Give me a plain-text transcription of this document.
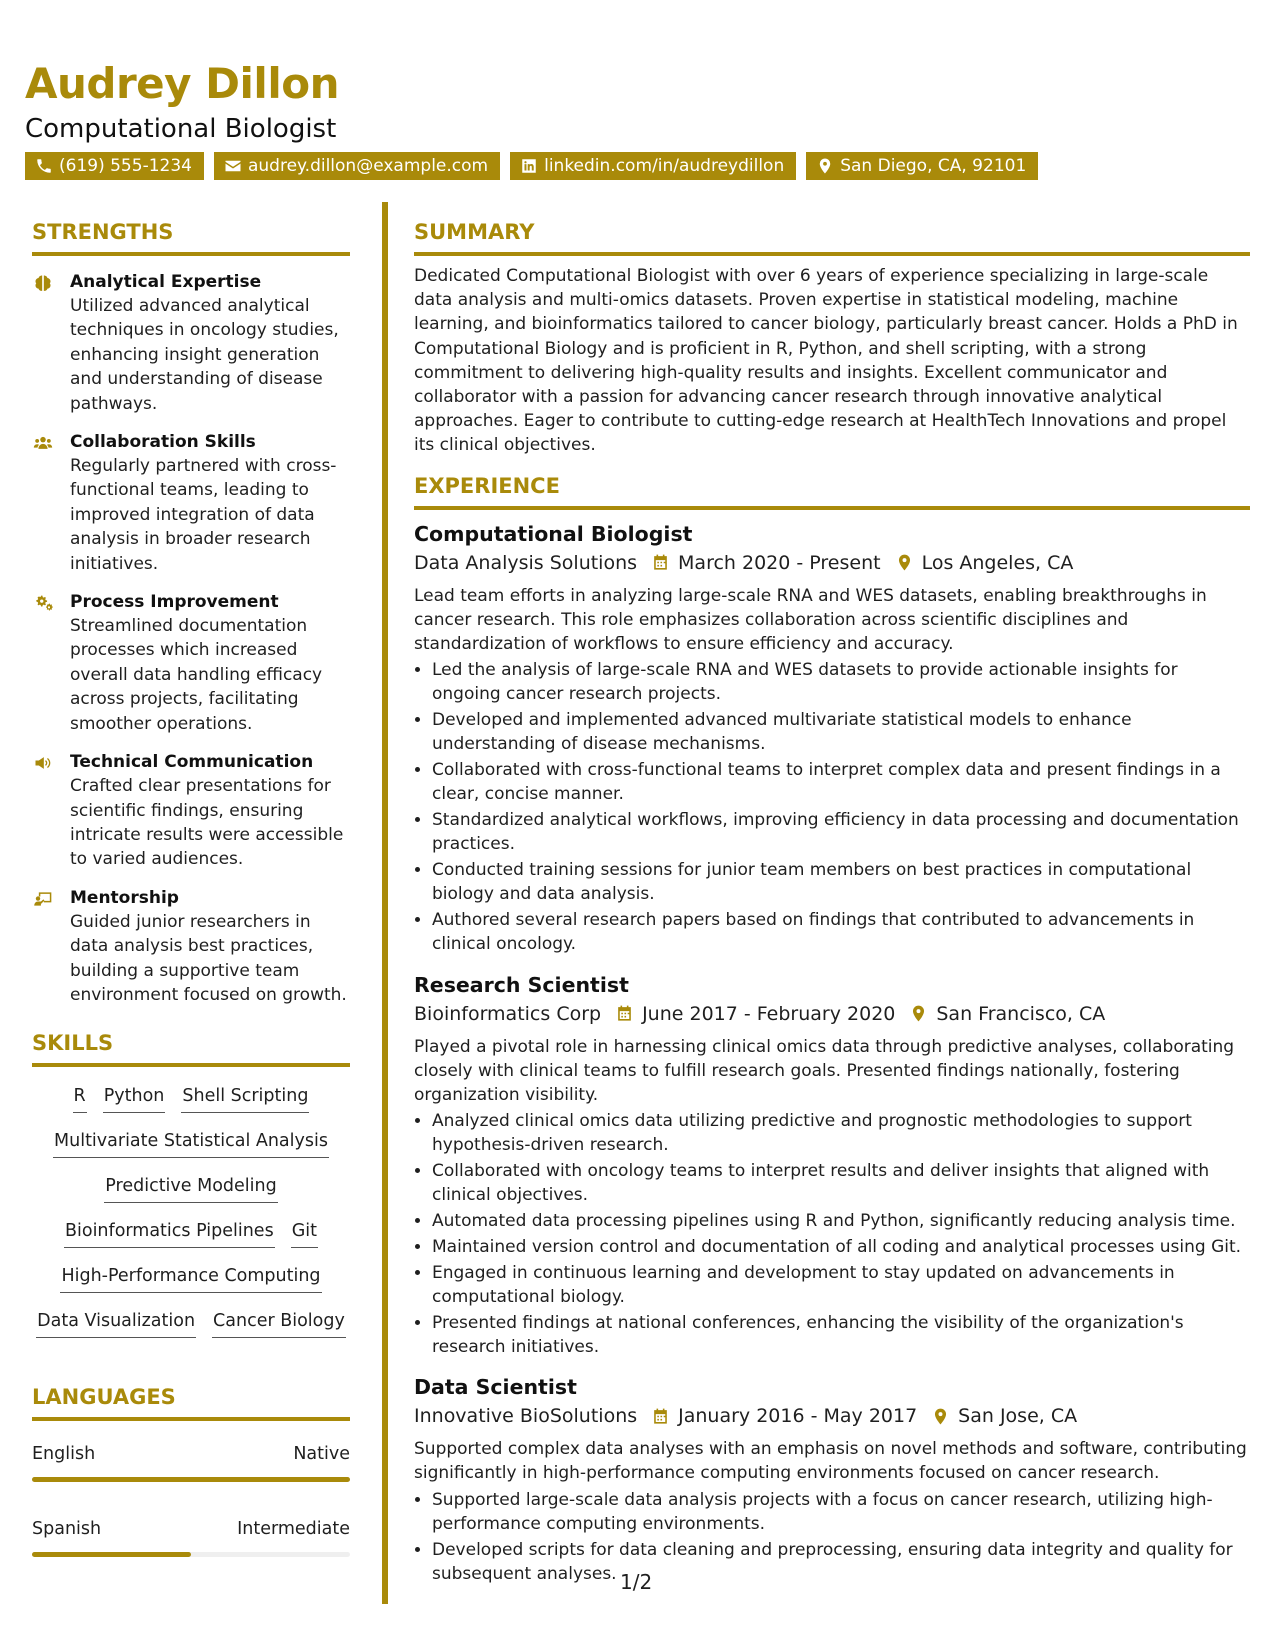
Audrey Dillon
Computational Biologist
(619) 555-1234	audrey.dillon@example.com	linkedin.com/in/audreydillon	San Diego, CA, 92101
STRENGTHS
Analytical Expertise
Utilized advanced analytical techniques in oncology studies, enhancing insight generation and understanding of disease pathways.
Collaboration Skills
Regularly partnered with cross-functional teams, leading to improved integration of data analysis in broader research initiatives.
Process Improvement
Streamlined documentation processes which increased overall data handling efficacy across projects, facilitating smoother operations.
Technical Communication
Crafted clear presentations for scientific findings, ensuring intricate results were accessible to varied audiences.
Mentorship
Guided junior researchers in data analysis best practices, building a supportive team environment focused on growth.
SKILLS
R Python Shell Scripting
Multivariate Statistical Analysis
Predictive Modeling
Bioinformatics Pipelines Git
High-Performance Computing
Data Visualization Cancer Biology
LANGUAGES
English	Native
Spanish	Intermediate
SUMMARY
Dedicated Computational Biologist with over 6 years of experience specializing in large-scale data analysis and multi-omics datasets. Proven expertise in statistical modeling, machine learning, and bioinformatics tailored to cancer biology, particularly breast cancer. Holds a PhD in Computational Biology and is proficient in R, Python, and shell scripting, with a strong commitment to delivering high-quality results and insights. Excellent communicator and collaborator with a passion for advancing cancer research through innovative analytical approaches. Eager to contribute to cutting-edge research at HealthTech Innovations and propel its clinical objectives.
EXPERIENCE
Computational Biologist
Data Analysis Solutions March 2020 - Present Los Angeles, CA
Lead team efforts in analyzing large-scale RNA and WES datasets, enabling breakthroughs in cancer research. This role emphasizes collaboration across scientific disciplines and standardization of workflows to ensure efficiency and accuracy.
• Led the analysis of large-scale RNA and WES datasets to provide actionable insights for ongoing cancer research projects.
• Developed and implemented advanced multivariate statistical models to enhance understanding of disease mechanisms.
• Collaborated with cross-functional teams to interpret complex data and present findings in a clear, concise manner.
• Standardized analytical workflows, improving efficiency in data processing and documentation practices.
• Conducted training sessions for junior team members on best practices in computational biology and data analysis.
• Authored several research papers based on findings that contributed to advancements in clinical oncology.
Research Scientist
Bioinformatics Corp June 2017 - February 2020 San Francisco, CA
Played a pivotal role in harnessing clinical omics data through predictive analyses, collaborating closely with clinical teams to fulfill research goals. Presented findings nationally, fostering organization visibility.
• Analyzed clinical omics data utilizing predictive and prognostic methodologies to support hypothesis-driven research.
• Collaborated with oncology teams to interpret results and deliver insights that aligned with clinical objectives.
• Automated data processing pipelines using R and Python, significantly reducing analysis time.
• Maintained version control and documentation of all coding and analytical processes using Git.
• Engaged in continuous learning and development to stay updated on advancements in computational biology.
• Presented findings at national conferences, enhancing the visibility of the organization's research initiatives.
Data Scientist
Innovative BioSolutions January 2016 - May 2017 San Jose, CA
Supported complex data analyses with an emphasis on novel methods and software, contributing significantly in high-performance computing environments focused on cancer research.
• Supported large-scale data analysis projects with a focus on cancer research, utilizing high-performance computing environments.
• Developed scripts for data cleaning and preprocessing, ensuring data integrity and quality for subsequent analyses. 1/2
